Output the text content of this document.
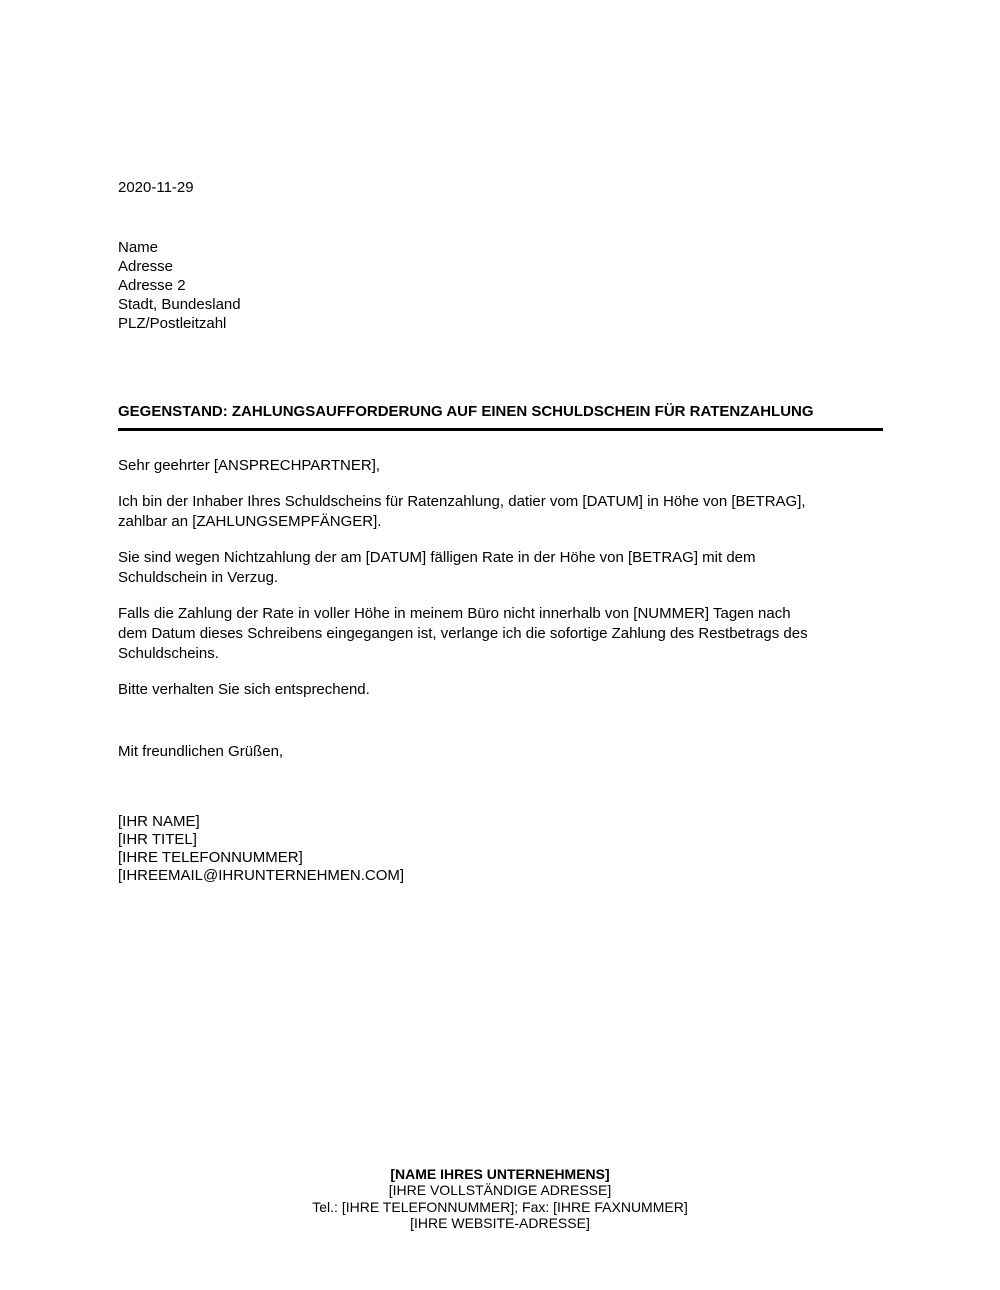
2020-11-29
Name
Adresse
Adresse 2
Stadt, Bundesland
PLZ/Postleitzahl
GEGENSTAND: ZAHLUNGSAUFFORDERUNG AUF EINEN SCHULDSCHEIN FÜR RATENZAHLUNG

Sehr geehrter [ANSPRECHPARTNER],

Ich bin der Inhaber Ihres Schuldscheins für Ratenzahlung, datier vom [DATUM] in Höhe von [BETRAG],
zahlbar an [ZAHLUNGSEMPFÄNGER].

Sie sind wegen Nichtzahlung der am [DATUM] fälligen Rate in der Höhe von [BETRAG] mit dem
Schuldschein in Verzug.

Falls die Zahlung der Rate in voller Höhe in meinem Büro nicht innerhalb von [NUMMER] Tagen nach
dem Datum dieses Schreibens eingegangen ist, verlange ich die sofortige Zahlung des Restbetrags des
Schuldscheins.

Bitte verhalten Sie sich entsprechend.

Mit freundlichen Grüßen,
[IHR NAME]
[IHR TITEL]
[IHRE TELEFONNUMMER]
[IHREEMAIL@IHRUNTERNEHMEN.COM]
[NAME IHRES UNTERNEHMENS]
[IHRE VOLLSTÄNDIGE ADRESSE]
Tel.: [IHRE TELEFONNUMMER]; Fax: [IHRE FAXNUMMER]
[IHRE WEBSITE-ADRESSE]
